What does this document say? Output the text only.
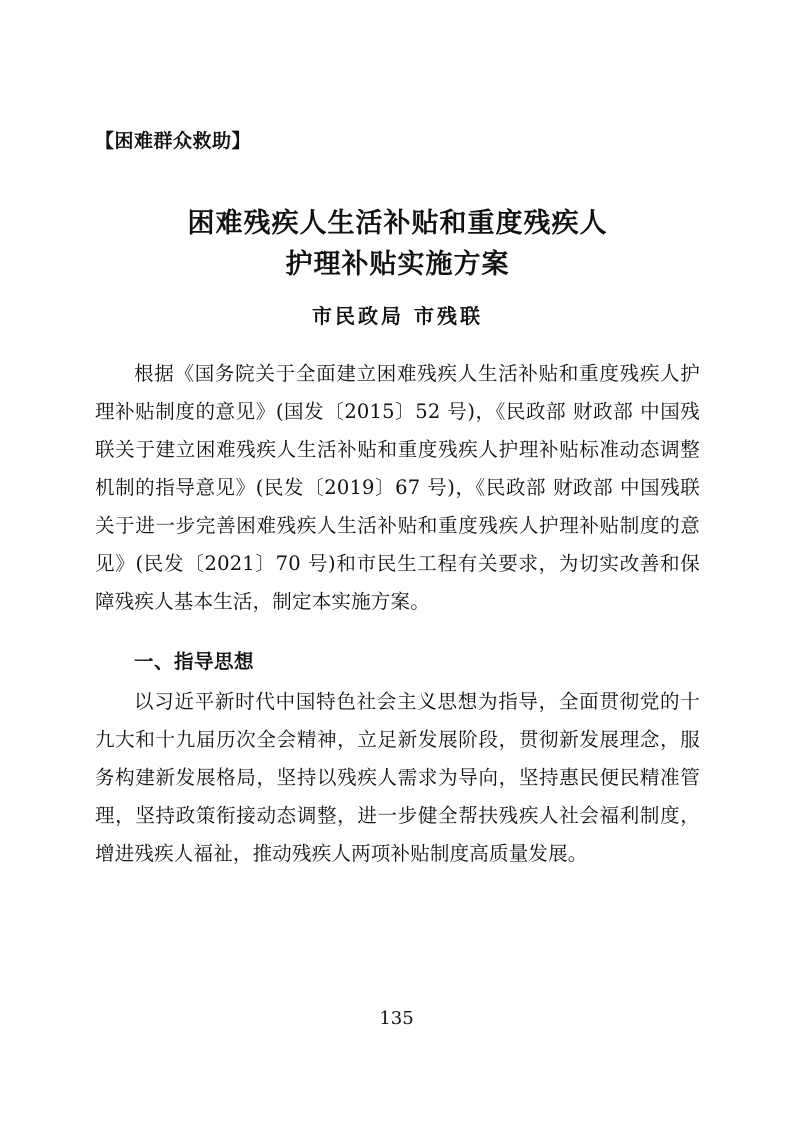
【困难群众救助】
困难残疾人生活补贴和重度残疾人
护理补贴实施方案
市民政局 市残联
根据《国务院关于全面建立困难残疾人生活补贴和重度残疾人护理补贴制度的意见》(国发〔2015〕52 号)，《民政部 财政部 中国残联关于建立困难残疾人生活补贴和重度残疾人护理补贴标准动态调整机制的指导意见》(民发〔2019〕67 号)，《民政部 财政部 中国残联关于进一步完善困难残疾人生活补贴和重度残疾人护理补贴制度的意见》(民发〔2021〕70 号)和市民生工程有关要求，为切实改善和保障残疾人基本生活，制定本实施方案。
一、指导思想
以习近平新时代中国特色社会主义思想为指导，全面贯彻党的十九大和十九届历次全会精神，立足新发展阶段，贯彻新发展理念，服务构建新发展格局，坚持以残疾人需求为导向，坚持惠民便民精准管理，坚持政策衔接动态调整，进一步健全帮扶残疾人社会福利制度，增进残疾人福祉，推动残疾人两项补贴制度高质量发展。
135
